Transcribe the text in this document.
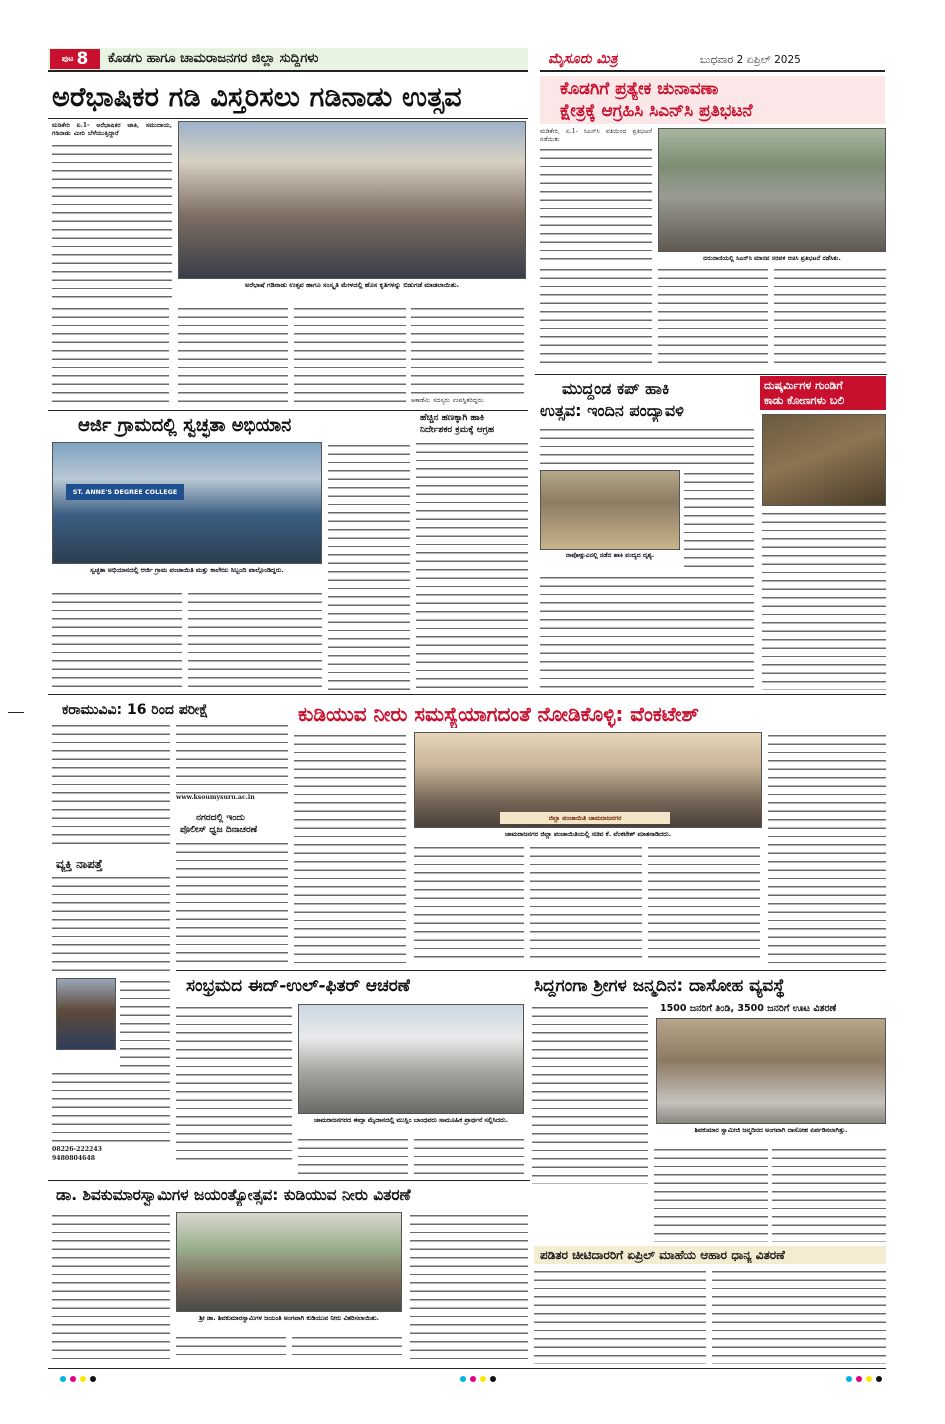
ಪುಟ 8 ಕೊಡಗು ಹಾಗೂ ಚಾಮರಾಜನಗರ ಜಿಲ್ಲಾ ಸುದ್ದಿಗಳು	ಮೈಸೂರು ಮಿತ್ರ	ಬುಧವಾರ 2 ಏಪ್ರಿಲ್ 2025
ಅರೆಭಾಷಿಕರ ಗಡಿ ವಿಸ್ತರಿಸಲು ಗಡಿನಾಡು ಉತ್ಸವ
ಮಡಿಕೇರಿ ಏ.1- ಅರೆಭಾಷಿಕರ ಜಾತಿ, ಸಮುದಾಯ, ಗಡಿನಾಡು ಮೀರಿ ಬೆಳೆಯುತ್ತಿದ್ದಾರೆ
ಅರೆಭಾಷೆ ಗಡಿನಾಡು ಉತ್ಸವ ಹಾಗೂ ಸಂಸ್ಕೃತಿ ಮೇಳದಲ್ಲಿ ಹೊಸ ಕೃತಿಗಳನ್ನು ಬಿಡುಗಡೆ ಮಾಡಲಾಯಿತು.
ಆಕಾಡೆಮಿ ಸದಸ್ಯರು ಉಪಸ್ಥಿತರಿದ್ದರು.
ಕೊಡಗಿಗೆ ಪ್ರತ್ಯೇಕ ಚುನಾವಣಾ
ಕ್ಷೇತ್ರಕ್ಕೆ ಆಗ್ರಹಿಸಿ ಸಿಎನ್‌ಸಿ ಪ್ರತಿಭಟನೆ
ಮಡಿಕೇರಿ, ಏ.1- ಸಿಎನ್‌ಸಿ ವತಿಯಿಂದ ಪ್ರತಿಭಟನೆ ನಡೆಯಿತು
ಬಿರುನಾಣಿಯಲ್ಲಿ ಸಿಎನ್‌ಸಿ ಮಾನವ ಸರಪಳಿ ರಚಿಸಿ ಪ್ರತಿಭಟನೆ ನಡೆಸಿತು.
ಆರ್ಜಿ ಗ್ರಾಮದಲ್ಲಿ ಸ್ವಚ್ಛತಾ ಅಭಿಯಾನ
ST. ANNE'S DEGREE COLLEGE
ಸ್ವಚ್ಛತಾ ಅಭಿಯಾನದಲ್ಲಿ ಆರ್ಜಿ ಗ್ರಾಮ ಪಂಚಾಯಿತಿ ಮತ್ತು ಕಾಲೇಜು ಸಿಬ್ಬಂದಿ ಪಾಲ್ಗೊಂಡಿದ್ದರು.
ಹೆಚ್ಚಿನ ಹಣಕ್ಕಾಗಿ ಹಾಕಿ
ನಿರ್ದೇಶಕರ ಕ್ರಮಕ್ಕೆ ಆಗ್ರಹ
ಮುದ್ದಂಡ ಕಪ್ ಹಾಕಿ
ಉತ್ಸವ: ಇಂದಿನ ಪಂದ್ಯಾವಳಿ
ನಾಪೋಕ್ಲುವಿನಲ್ಲಿ ನಡೆದ ಹಾಕಿ ಪಂದ್ಯದ ದೃಶ್ಯ.
ದುಷ್ಕರ್ಮಿಗಳ ಗುಂಡಿಗೆ
ಕಾಡು ಕೋಣಗಳು ಬಲಿ
ಕರಾಮುವಿವಿ: 16 ರಿಂದ ಪರೀಕ್ಷೆ
www.ksoumysuru.ac.in
ನಗರದಲ್ಲಿ ಇಂದು
ಪೊಲೀಸ್ ಧ್ವಜ ದಿನಾಚರಣೆ
ವ್ಯಕ್ತಿ ನಾಪತ್ತೆ
08226-222243
9480804648
ಕುಡಿಯುವ ನೀರು ಸಮಸ್ಯೆಯಾಗದಂತೆ ನೋಡಿಕೊಳ್ಳಿ: ವೆಂಕಟೇಶ್
ಜಿಲ್ಲಾ ಪಂಚಾಯಿತಿ ಚಾಮರಾಜನಗರ
ಚಾಮರಾಜನಗರ ಜಿಲ್ಲಾ ಪಂಚಾಯಿತಿಯಲ್ಲಿ ಸಚಿವ ಕೆ. ವೆಂಕಟೇಶ್ ಮಾತನಾಡಿದರು.
ಸಂಭ್ರಮದ ಈದ್-ಉಲ್-ಫಿತರ್ ಆಚರಣೆ
ಚಾಮರಾಜನಗರದ ಈದ್ಗಾ ಮೈದಾನದಲ್ಲಿ ಮುಸ್ಲಿಂ ಬಾಂಧವರು ಸಾಮೂಹಿಕ ಪ್ರಾರ್ಥನೆ ಸಲ್ಲಿಸಿದರು.
ಸಿದ್ದಗಂಗಾ ಶ್ರೀಗಳ ಜನ್ಮದಿನ: ದಾಸೋಹ ವ್ಯವಸ್ಥೆ
1500 ಜನರಿಗೆ ತಿಂಡಿ, 3500 ಜನರಿಗೆ ಊಟ ವಿತರಣೆ
ಶಿವಕುಮಾರ ಸ್ವಾಮೀಜಿ ಜನ್ಮದಿನದ ಅಂಗವಾಗಿ ದಾಸೋಹ ಏರ್ಪಡಿಸಲಾಗಿತ್ತು.
ಡಾ. ಶಿವಕುಮಾರಸ್ವಾಮಿಗಳ ಜಯಂತ್ಯೋತ್ಸವ: ಕುಡಿಯುವ ನೀರು ವಿತರಣೆ
ಶ್ರೀ ಡಾ. ಶಿವಕುಮಾರಸ್ವಾಮಿಗಳ ಜಯಂತಿ ಅಂಗವಾಗಿ ಕುಡಿಯುವ ನೀರು ವಿತರಿಸಲಾಯಿತು.
ಪಡಿತರ ಚೀಟಿದಾರರಿಗೆ ಏಪ್ರಿಲ್ ಮಾಹೆಯ ಆಹಾರ ಧಾನ್ಯ ವಿತರಣೆ
